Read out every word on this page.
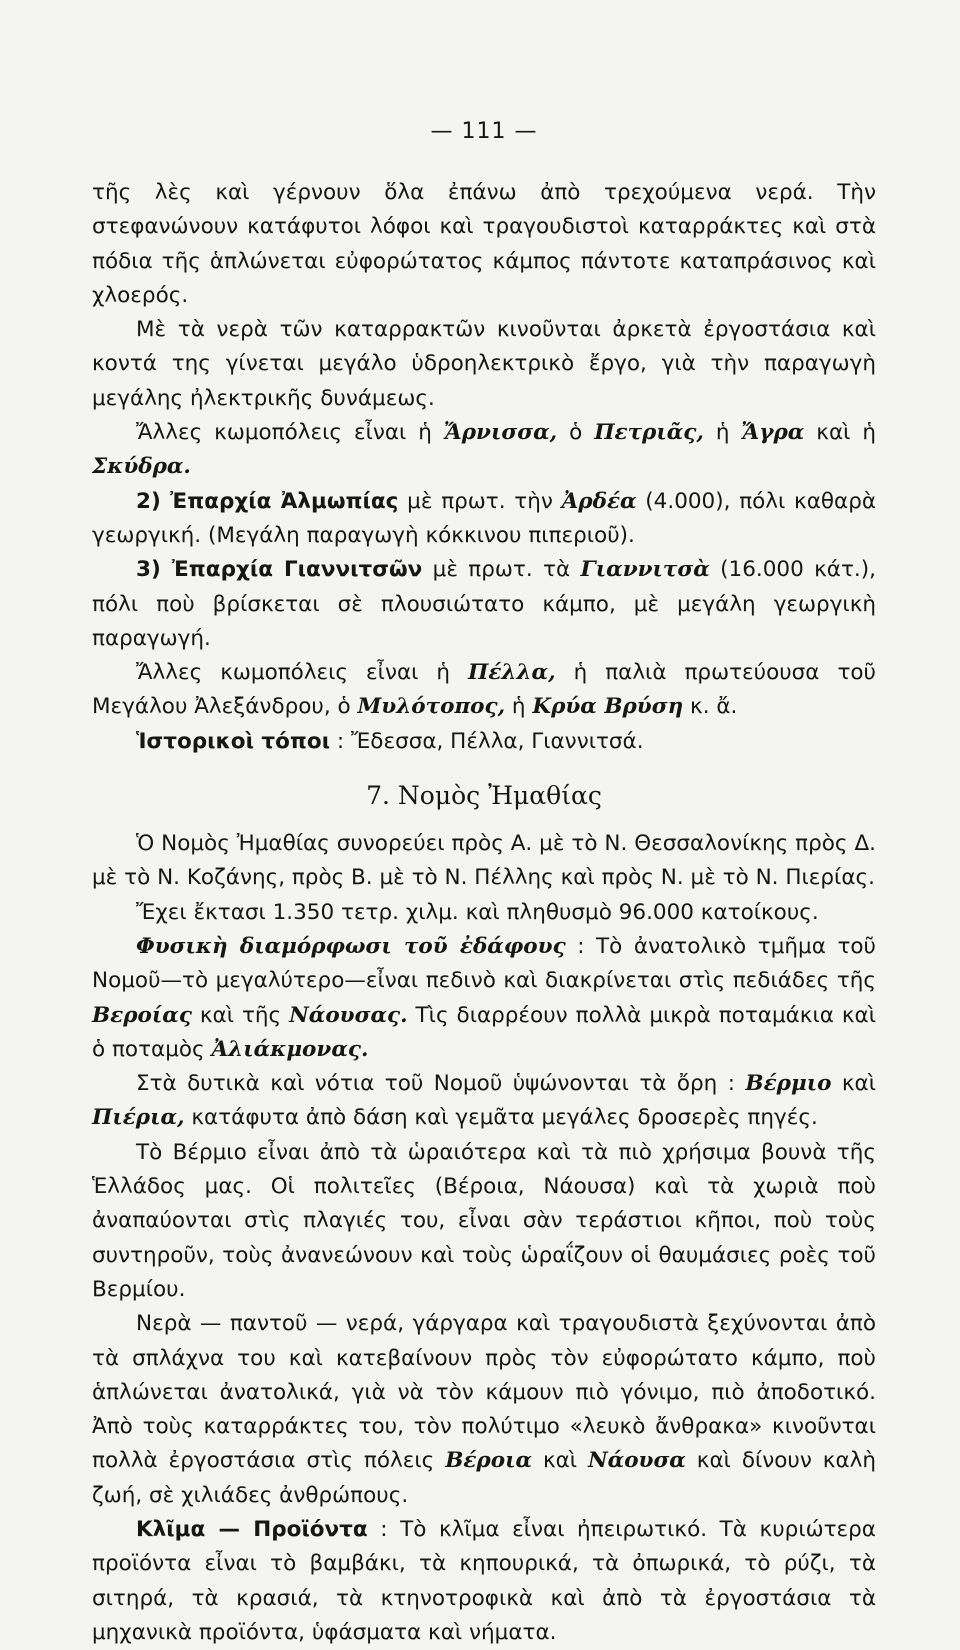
— 111 —

τῆς λὲς καὶ γέρνουν ὅλα ἐπάνω ἀπὸ τρεχούμενα νερά. Τὴν στεφανώνουν κατάφυτοι λόφοι καὶ τραγουδιστοὶ καταρράκτες καὶ στὰ πόδια τῆς ἁπλώνεται εὐφορώτατος κάμπος πάντοτε καταπράσινος καὶ χλοερός.

Μὲ τὰ νερὰ τῶν καταρρακτῶν κινοῦνται ἀρκετὰ ἐργοστάσια καὶ κοντά της γίνεται μεγάλο ὑδροηλεκτρικὸ ἔργο, γιὰ τὴν παραγωγὴ μεγάλης ἠλεκτρικῆς δυνάμεως.

Ἄλλες κωμοπόλεις εἶναι ἡ Ἄρνισσα, ὁ Πετριᾶς, ἡ Ἄγρα καὶ ἡ Σκύδρα.

2) Ἐπαρχία Ἀλμωπίας μὲ πρωτ. τὴν Ἀρδέα (4.000), πόλι καθαρὰ γεωργική. (Μεγάλη παραγωγὴ κόκκινου πιπεριοῦ).

3) Ἐπαρχία Γιαννιτσῶν μὲ πρωτ. τὰ Γιαννιτσὰ (16.000 κάτ.), πόλι ποὺ βρίσκεται σὲ πλουσιώτατο κάμπο, μὲ μεγάλη γεωργικὴ παραγωγή.

Ἄλλες κωμοπόλεις εἶναι ἡ Πέλλα, ἡ παλιὰ πρωτεύουσα τοῦ Μεγάλου Ἀλεξάνδρου, ὁ Μυλότοπος, ἡ Κρύα Βρύση κ. ἄ.

Ἱστορικοὶ τόποι : Ἔδεσσα, Πέλλα, Γιαννιτσά.

7. Νομὸς Ἠμαθίας

Ὁ Νομὸς Ἠμαθίας συνορεύει πρὸς Α. μὲ τὸ Ν. Θεσσαλονίκης πρὸς Δ. μὲ τὸ Ν. Κοζάνης, πρὸς Β. μὲ τὸ Ν. Πέλλης καὶ πρὸς Ν. μὲ τὸ Ν. Πιερίας.

Ἔχει ἔκτασι 1.350 τετρ. χιλμ. καὶ πληθυσμὸ 96.000 κατοίκους.

Φυσικὴ διαμόρφωσι τοῦ ἐδάφους : Τὸ ἀνατολικὸ τμῆμα τοῦ Νομοῦ—τὸ μεγαλύτερο—εἶναι πεδινὸ καὶ διακρίνεται στὶς πεδιάδες τῆς Βεροίας καὶ τῆς Νάουσας. Τὶς διαρρέουν πολλὰ μικρὰ ποταμάκια καὶ ὁ ποταμὸς Ἀλιάκμονας.

Στὰ δυτικὰ καὶ νότια τοῦ Νομοῦ ὑψώνονται τὰ ὄρη : Βέρμιο καὶ Πιέρια, κατάφυτα ἀπὸ δάση καὶ γεμᾶτα μεγάλες δροσερὲς πηγές.

Τὸ Βέρμιο εἶναι ἀπὸ τὰ ὡραιότερα καὶ τὰ πιὸ χρήσιμα βουνὰ τῆς Ἑλλάδος μας. Οἱ πολιτεῖες (Βέροια, Νάουσα) καὶ τὰ χωριὰ ποὺ ἀναπαύονται στὶς πλαγιές του, εἶναι σὰν τεράστιοι κῆποι, ποὺ τοὺς συντηροῦν, τοὺς ἀνανεώνουν καὶ τοὺς ὡραΐζουν οἱ θαυμάσιες ροὲς τοῦ Βερμίου.

Νερὰ — παντοῦ — νερά, γάργαρα καὶ τραγουδιστὰ ξεχύνονται ἀπὸ τὰ σπλάχνα του καὶ κατεβαίνουν πρὸς τὸν εὐφορώτατο κάμπο, ποὺ ἁπλώνεται ἀνατολικά, γιὰ νὰ τὸν κάμουν πιὸ γόνιμο, πιὸ ἀποδοτικό. Ἀπὸ τοὺς καταρράκτες του, τὸν πολύτιμο «λευκὸ ἄνθρακα» κινοῦνται πολλὰ ἐργοστάσια στὶς πόλεις Βέροια καὶ Νάουσα καὶ δίνουν καλὴ ζωή, σὲ χιλιάδες ἀνθρώπους.

Κλῖμα — Προϊόντα : Τὸ κλῖμα εἶναι ἠπειρωτικό. Τὰ κυριώτερα προϊόντα εἶναι τὸ βαμβάκι, τὰ κηπουρικά, τὰ ὀπωρικά, τὸ ρύζι, τὰ σιτηρά, τὰ κρασιά, τὰ κτηνοτροφικὰ καὶ ἀπὸ τὰ ἐργοστάσια τὰ μηχανικὰ προϊόντα, ὑφάσματα καὶ νήματα.
